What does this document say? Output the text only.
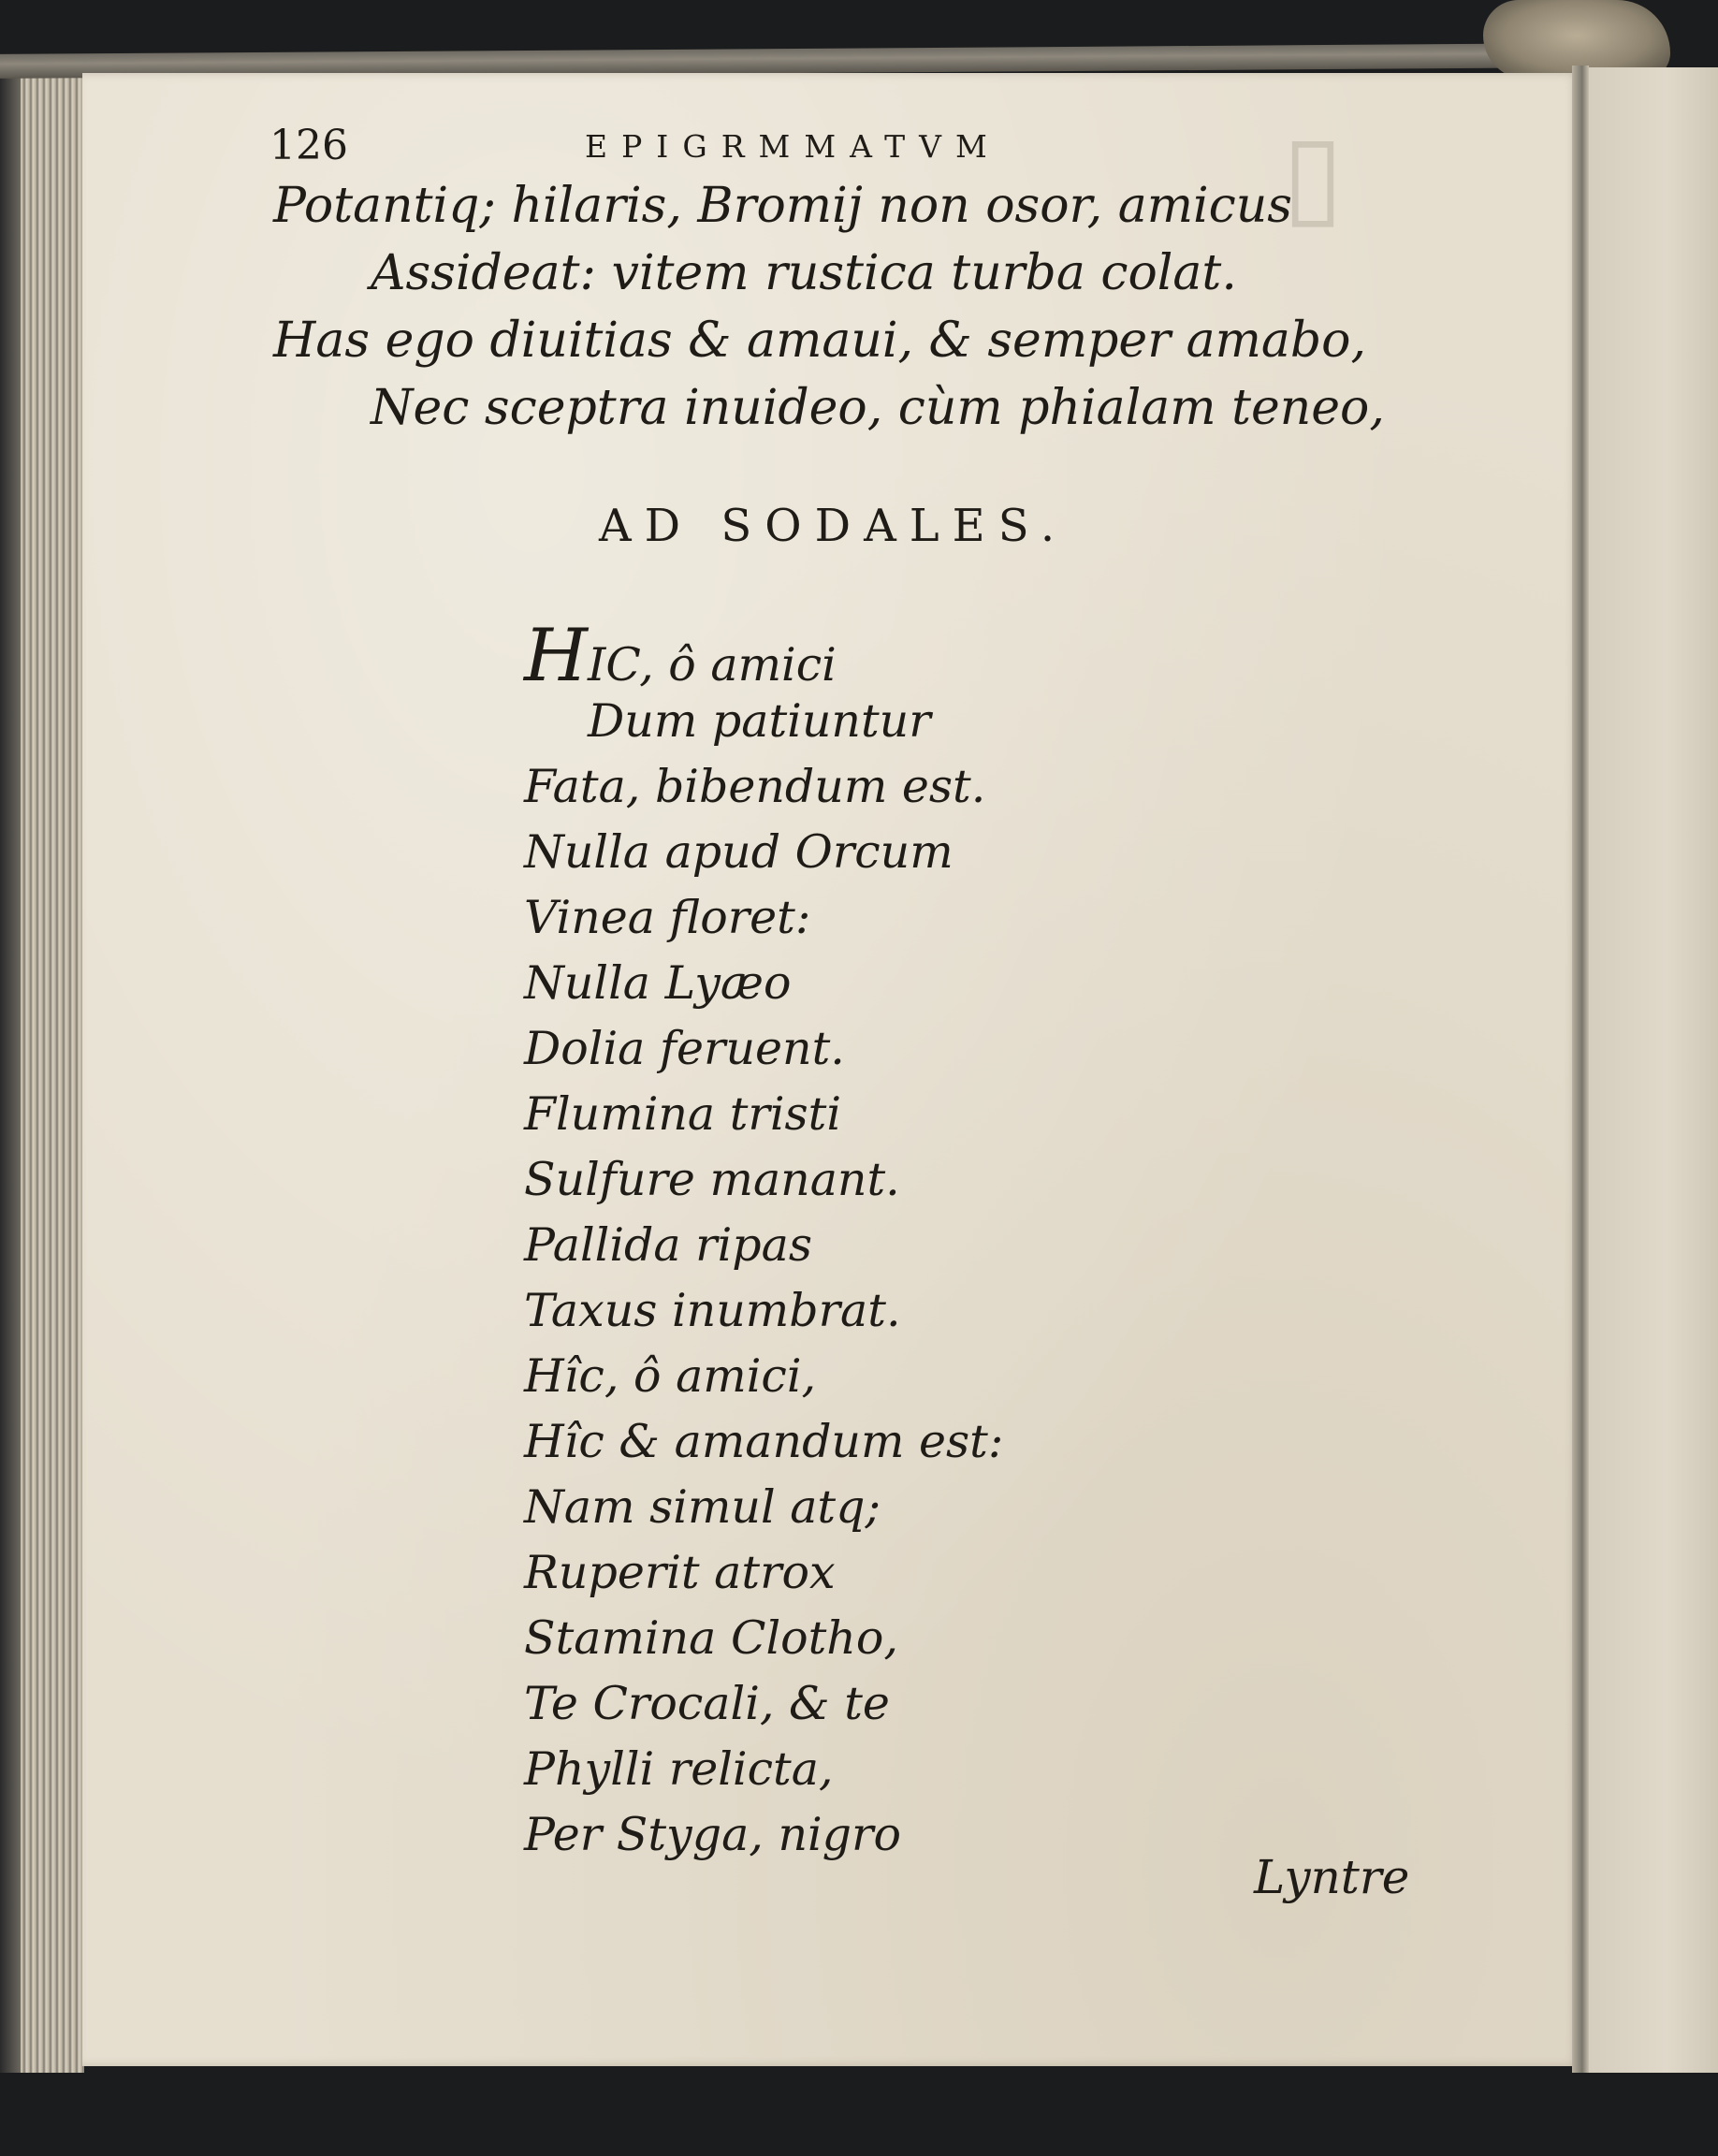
▯
126	EPIGRMMATVM
Potantiq; hilaris, Bromij non osor, amicus
Assideat: vitem rustica turba colat.
Has ego diuitias & amaui, & semper amabo,
Nec sceptra inuideo, cùm phialam teneo,
AD SODALES.
HIC, ô amici
Dum patiuntur
Fata, bibendum est.
Nulla apud Orcum
Vinea floret:
Nulla Lyæo
Dolia feruent.
Flumina tristi
Sulfure manant.
Pallida ripas
Taxus inumbrat.
Hîc, ô amici,
Hîc & amandum est:
Nam simul atq;
Ruperit atrox
Stamina Clotho,
Te Crocali, & te
Phylli relicta,
Per Styga, nigro
Lyntre
